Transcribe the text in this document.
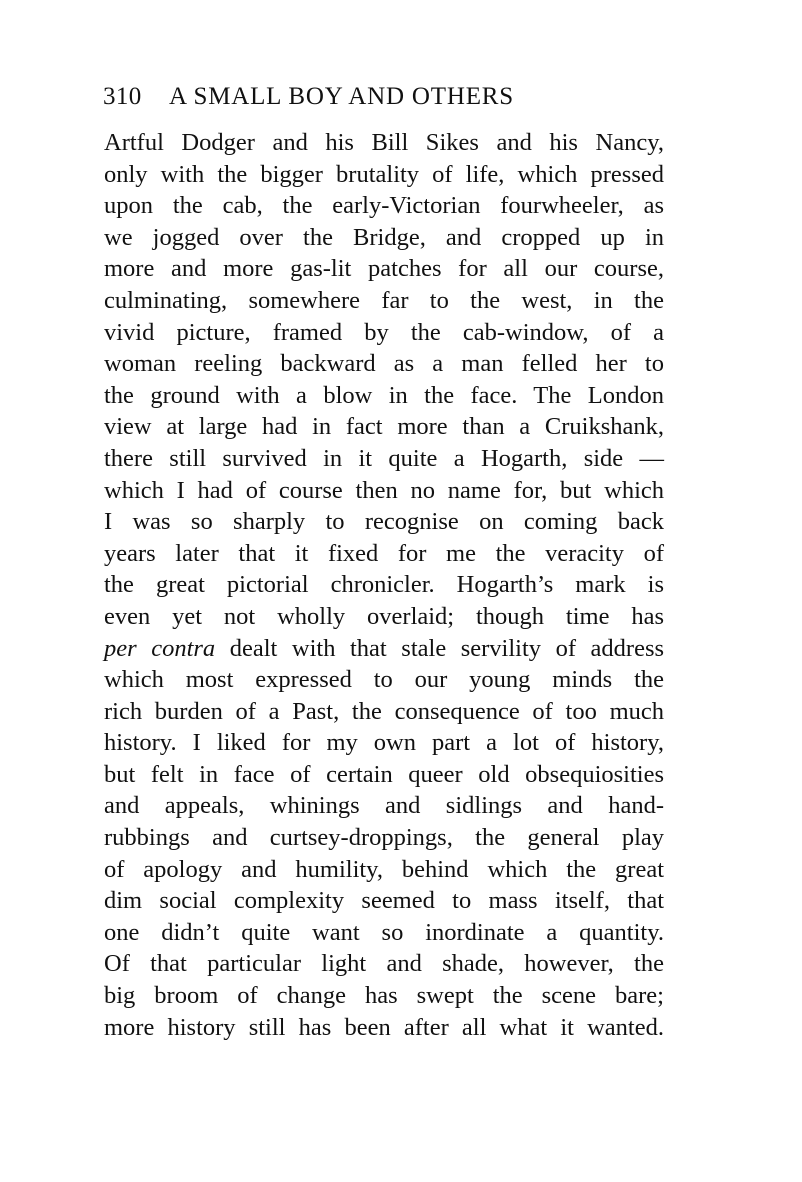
310 A SMALL BOY AND OTHERS
Artful Dodger and his Bill Sikes and his Nancy,
only with the bigger brutality of life, which pressed
upon the cab, the early-Victorian fourwheeler, as
we jogged over the Bridge, and cropped up in
more and more gas-lit patches for all our course,
culminating, somewhere far to the west, in the
vivid picture, framed by the cab-window, of a
woman reeling backward as a man felled her to
the ground with a blow in the face. The London
view at large had in fact more than a Cruikshank,
there still survived in it quite a Hogarth, side —
which I had of course then no name for, but which
I was so sharply to recognise on coming back
years later that it fixed for me the veracity of
the great pictorial chronicler. Hogarth’s mark is
even yet not wholly overlaid; though time has
per contra dealt with that stale servility of address
which most expressed to our young minds the
rich burden of a Past, the consequence of too much
history. I liked for my own part a lot of history,
but felt in face of certain queer old obsequiosities
and appeals, whinings and sidlings and hand-
rubbings and curtsey-droppings, the general play
of apology and humility, behind which the great
dim social complexity seemed to mass itself, that
one didn’t quite want so inordinate a quantity.
Of that particular light and shade, however, the
big broom of change has swept the scene bare;
more history still has been after all what it wanted.
